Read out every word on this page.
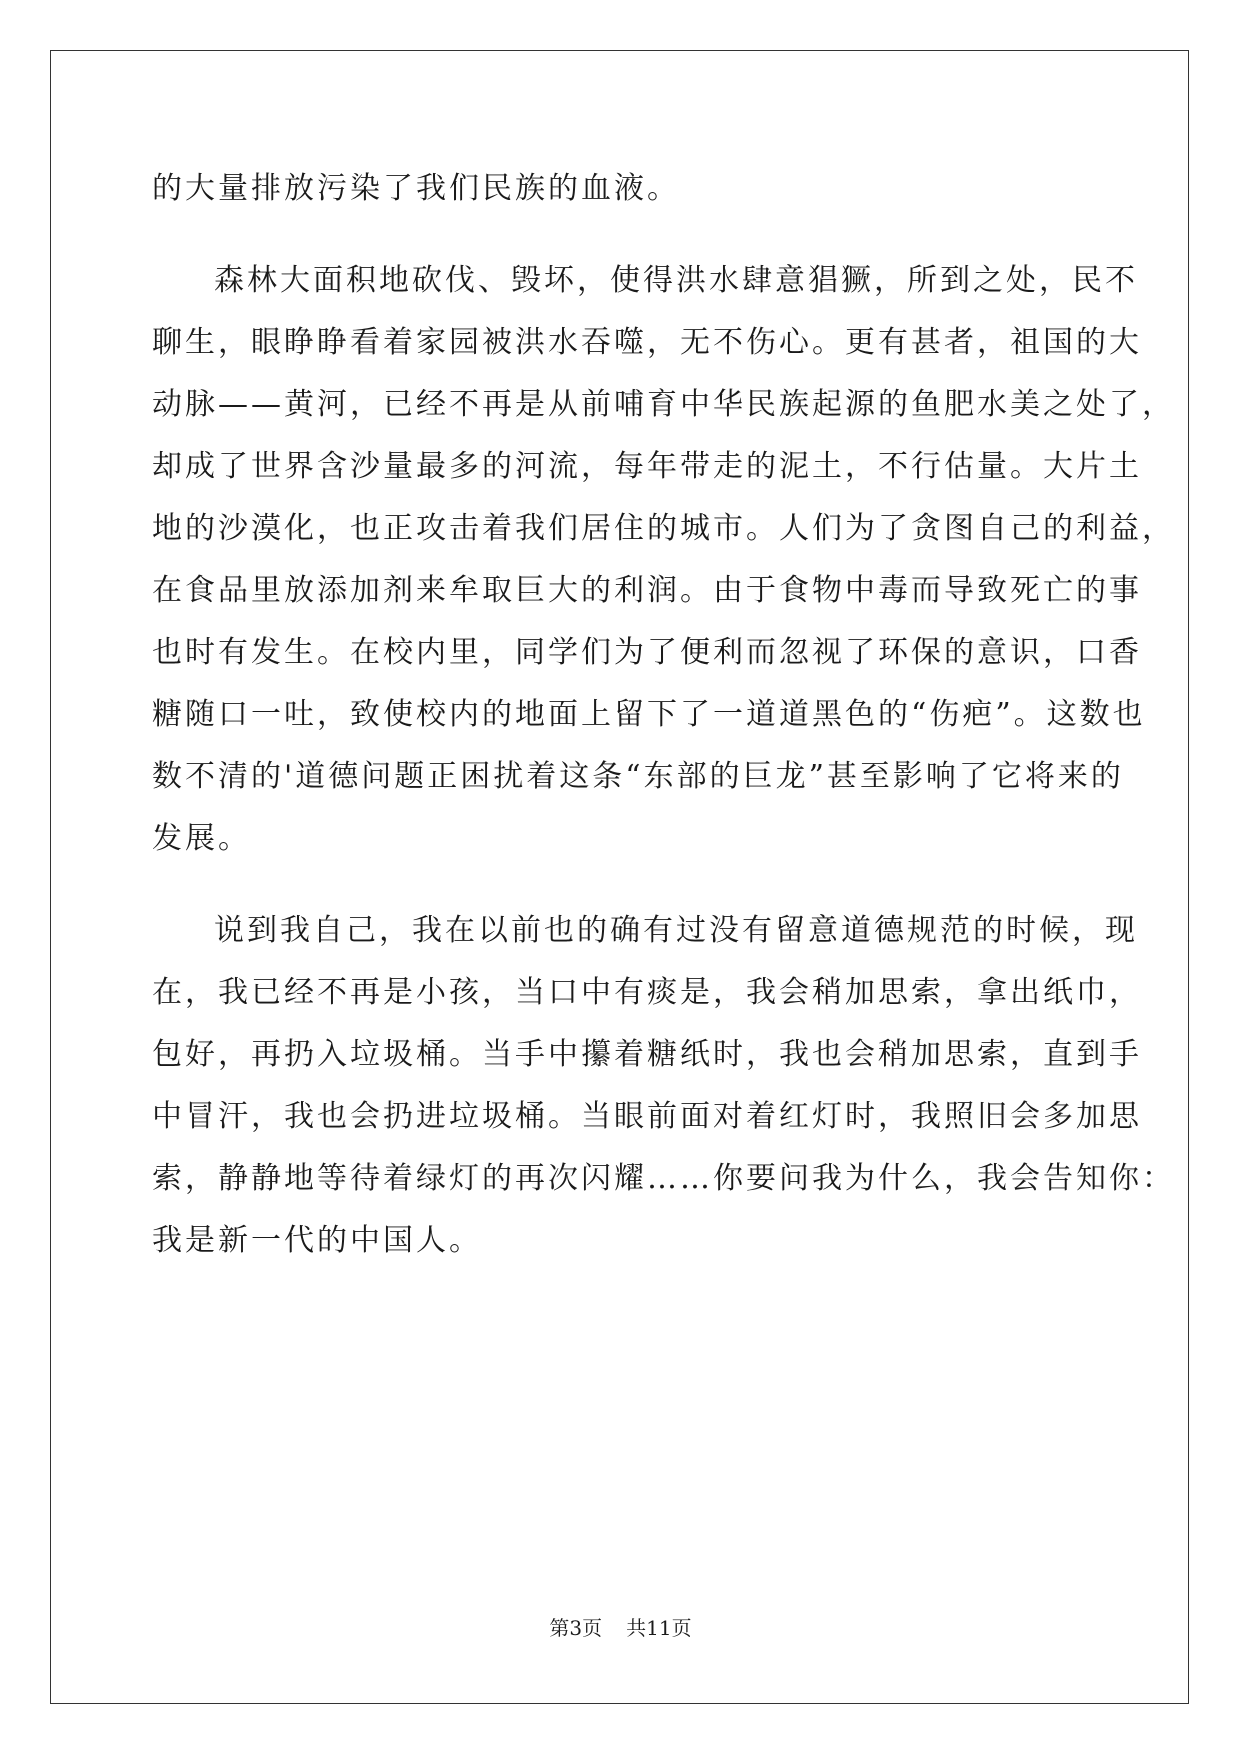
的大量排放污染了我们民族的血液。
森林大面积地砍伐、毁坏，使得洪水肆意猖獗，所到之处，民不
聊生，眼睁睁看着家园被洪水吞噬，无不伤心。更有甚者，祖国的大
动脉——黄河，已经不再是从前哺育中华民族起源的鱼肥水美之处了，
却成了世界含沙量最多的河流，每年带走的泥土，不行估量。大片土
地的沙漠化，也正攻击着我们居住的城市。人们为了贪图自己的利益，
在食品里放添加剂来牟取巨大的利润。由于食物中毒而导致死亡的事
也时有发生。在校内里，同学们为了便利而忽视了环保的意识，口香
糖随口一吐，致使校内的地面上留下了一道道黑色的“伤疤”。这数也
数不清的'道德问题正困扰着这条“东部的巨龙”甚至影响了它将来的
发展。
说到我自己，我在以前也的确有过没有留意道德规范的时候，现
在，我已经不再是小孩，当口中有痰是，我会稍加思索，拿出纸巾，
包好，再扔入垃圾桶。当手中攥着糖纸时，我也会稍加思索，直到手
中冒汗，我也会扔进垃圾桶。当眼前面对着红灯时，我照旧会多加思
索，静静地等待着绿灯的再次闪耀……你要问我为什么，我会告知你：
我是新一代的中国人。
第3页 共11页
